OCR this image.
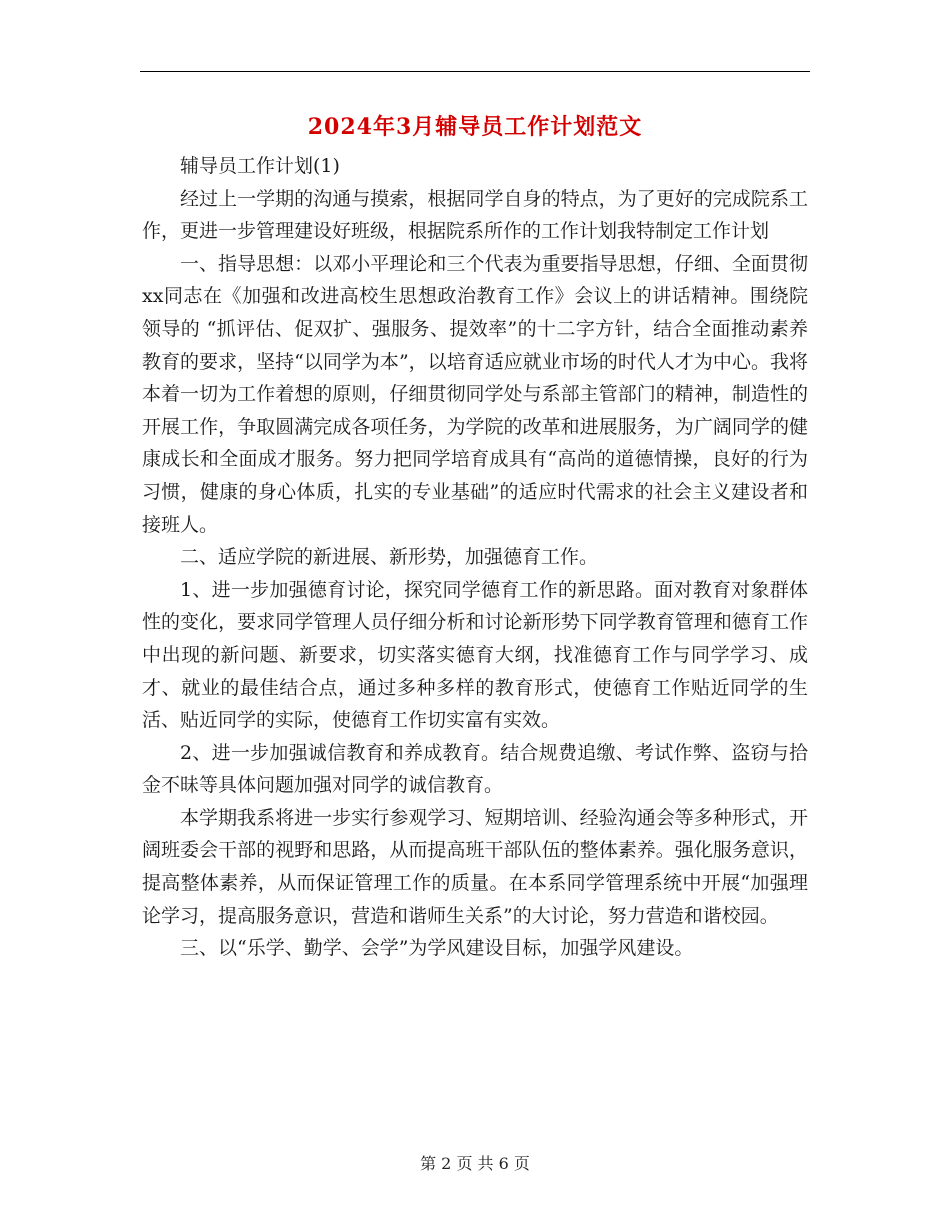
2024年3月辅导员工作计划范文

辅导员工作计划(1)

经过上一学期的沟通与摸索，根据同学自身的特点，为了更好的完成院系工作，更进一步管理建设好班级，根据院系所作的工作计划我特制定工作计划

一、指导思想：以邓小平理论和三个代表为重要指导思想，仔细、全面贯彻xx同志在《加强和改进高校生思想政治教育工作》会议上的讲话精神。围绕院领导的 “抓评估、促双扩、强服务、提效率”的十二字方针，结合全面推动素养教育的要求，坚持“以同学为本”，以培育适应就业市场的时代人才为中心。我将本着一切为工作着想的原则，仔细贯彻同学处与系部主管部门的精神，制造性的开展工作，争取圆满完成各项任务，为学院的改革和进展服务，为广阔同学的健康成长和全面成才服务。努力把同学培育成具有“高尚的道德情操，良好的行为习惯，健康的身心体质，扎实的专业基础”的适应时代需求的社会主义建设者和接班人。

二、适应学院的新进展、新形势，加强德育工作。

1、进一步加强德育讨论，探究同学德育工作的新思路。面对教育对象群体性的变化，要求同学管理人员仔细分析和讨论新形势下同学教育管理和德育工作中出现的新问题、新要求，切实落实德育大纲，找准德育工作与同学学习、成才、就业的最佳结合点，通过多种多样的教育形式，使德育工作贴近同学的生活、贴近同学的实际，使德育工作切实富有实效。

2、进一步加强诚信教育和养成教育。结合规费追缴、考试作弊、盗窃与拾金不昧等具体问题加强对同学的诚信教育。

本学期我系将进一步实行参观学习、短期培训、经验沟通会等多种形式，开阔班委会干部的视野和思路，从而提高班干部队伍的整体素养。强化服务意识，提高整体素养，从而保证管理工作的质量。在本系同学管理系统中开展“加强理论学习，提高服务意识，营造和谐师生关系”的大讨论，努力营造和谐校园。

三、以“乐学、勤学、会学”为学风建设目标，加强学风建设。

第 2 页 共 6 页
